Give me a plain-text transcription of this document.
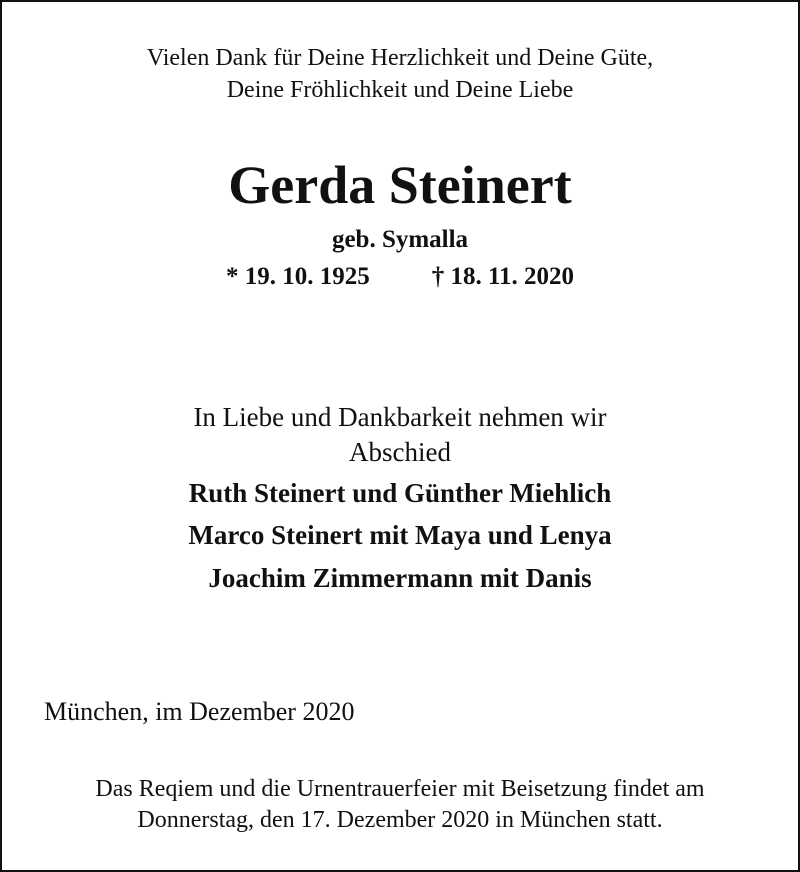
Vielen Dank für Deine Herzlichkeit und Deine Güte,
Deine Fröhlichkeit und Deine Liebe
Gerda Steinert
geb. Symalla
* 19. 10. 1925 † 18. 11. 2020
In Liebe und Dankbarkeit nehmen wir
Abschied
Ruth Steinert und Günther Miehlich
Marco Steinert mit Maya und Lenya
Joachim Zimmermann mit Danis
München, im Dezember 2020
Das Reqiem und die Urnentrauerfeier mit Beisetzung findet am
Donnerstag, den 17. Dezember 2020 in München statt.
